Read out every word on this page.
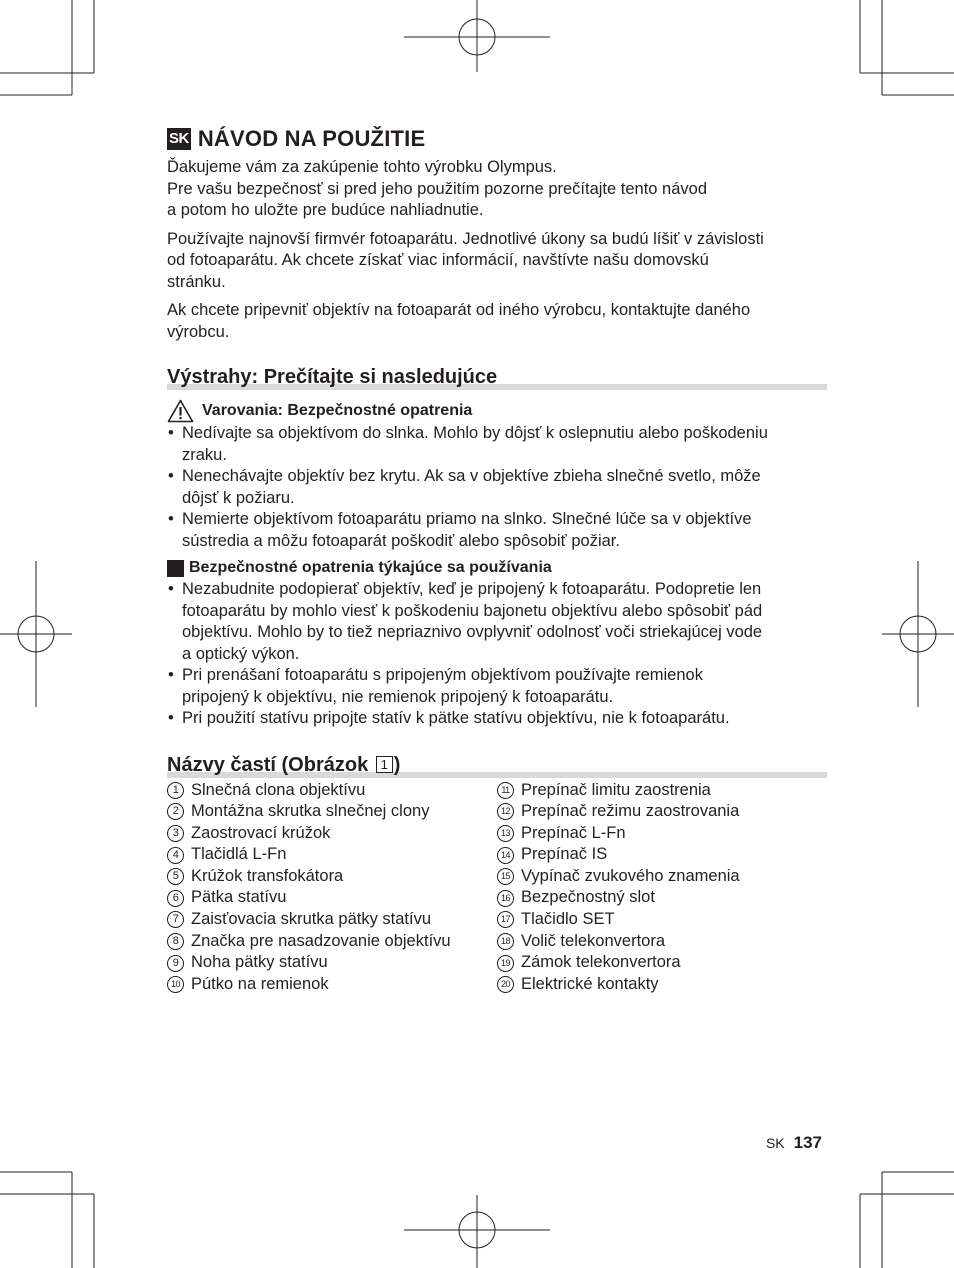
SK NÁVOD NA POUŽITIE

Ďakujeme vám za zakúpenie tohto výrobku Olympus.

Pre vašu bezpečnosť si pred jeho použitím pozorne prečítajte tento návod

a potom ho uložte pre budúce nahliadnutie.

Používajte najnovší firmvér fotoaparátu. Jednotlivé úkony sa budú líšiť v závislosti

od fotoaparátu. Ak chcete získať viac informácií, navštívte našu domovskú

stránku.

Ak chcete pripevniť objektív na fotoaparát od iného výrobcu, kontaktujte daného

výrobcu.

Výstrahy: Prečítajte si nasledujúce
Varovania: Bezpečnostné opatrenia
• Nedívajte sa objektívom do slnka. Mohlo by dôjsť k oslepnutiu alebo poškodeniu
zraku.
• Nenechávajte objektív bez krytu. Ak sa v objektíve zbieha slnečné svetlo, môže
dôjsť k požiaru.
• Nemierte objektívom fotoaparátu priamo na slnko. Slnečné lúče sa v objektíve
sústredia a môžu fotoaparát poškodiť alebo spôsobiť požiar.
Bezpečnostné opatrenia týkajúce sa používania
• Nezabudnite podopierať objektív, keď je pripojený k fotoaparátu. Podopretie len
fotoaparátu by mohlo viesť k poškodeniu bajonetu objektívu alebo spôsobiť pád
objektívu. Mohlo by to tiež nepriaznivo ovplyvniť odolnosť voči striekajúcej vode
a optický výkon.
• Pri prenášaní fotoaparátu s pripojeným objektívom používajte remienok
pripojený k objektívu, nie remienok pripojený k fotoaparátu.
• Pri použití statívu pripojte statív k pätke statívu objektívu, nie k fotoaparátu.
Názvy častí (Obrázok 1 )
1 Slnečná clona objektívu
2 Montážna skrutka slnečnej clony
3 Zaostrovací krúžok
4 Tlačidlá L-Fn
5 Krúžok transfokátora
6 Pätka statívu
7 Zaisťovacia skrutka pätky statívu
8 Značka pre nasadzovanie objektívu
9 Noha pätky statívu
10 Pútko na remienok
11 Prepínač limitu zaostrenia
12 Prepínač režimu zaostrovania
13 Prepínač L-Fn
14 Prepínač IS
15 Vypínač zvukového znamenia
16 Bezpečnostný slot
17 Tlačidlo SET
18 Volič telekonvertora
19 Zámok telekonvertora
20 Elektrické kontakty
SK 137
